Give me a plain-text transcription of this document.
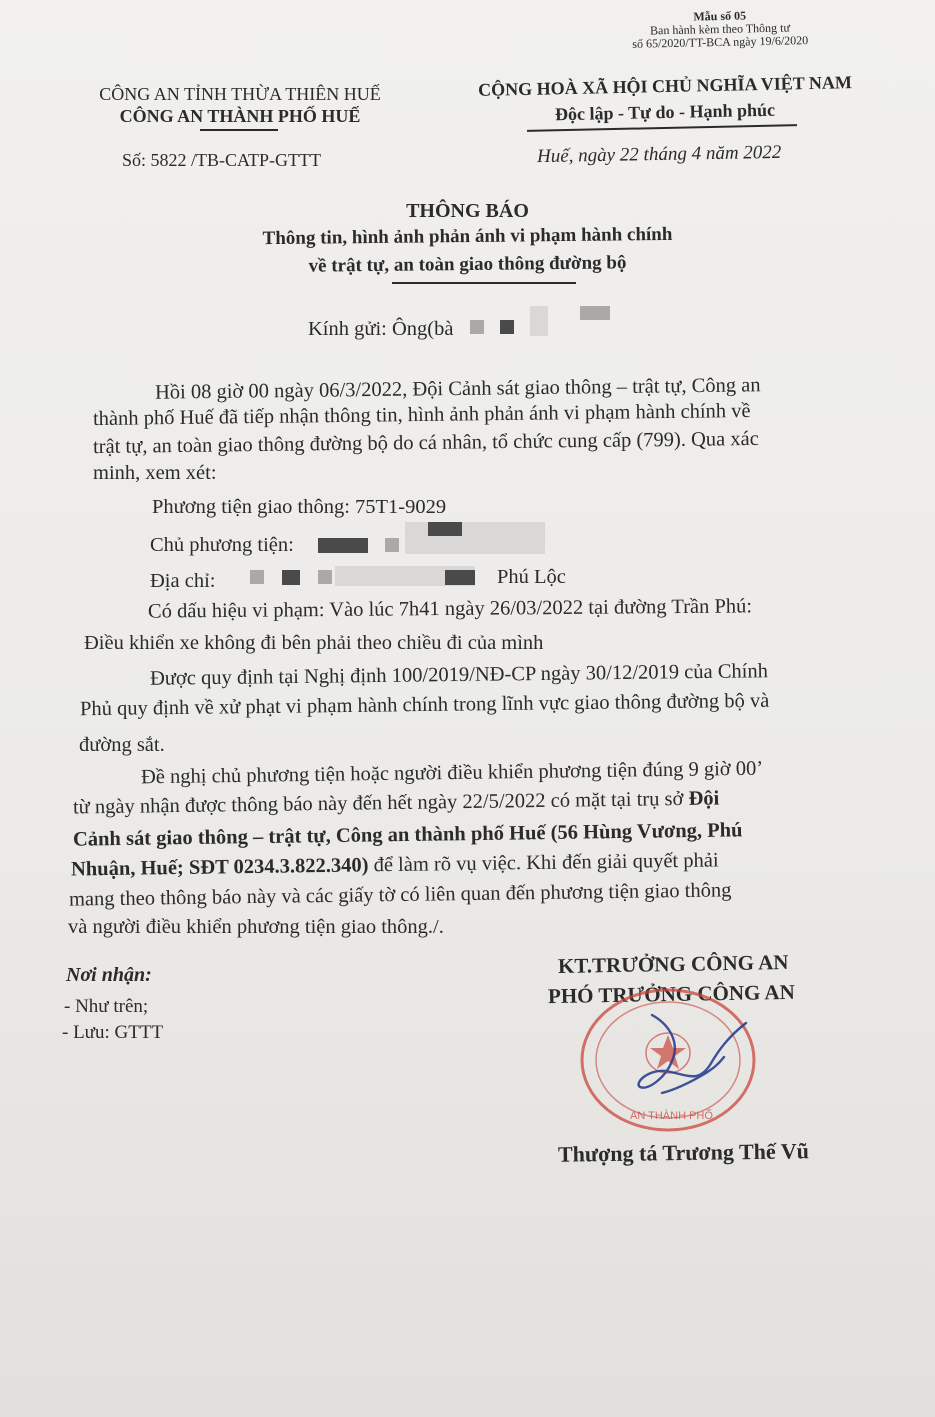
Mẫu số 05
Ban hành kèm theo Thông tư
số 65/2020/TT-BCA ngày 19/6/2020
CÔNG AN TỈNH THỪA THIÊN HUẾ
CÔNG AN THÀNH PHỐ HUẾ
CỘNG HOÀ XÃ HỘI CHỦ NGHĨA VIỆT NAM
Độc lập - Tự do - Hạnh phúc
Số: 5822 /TB-CATP-GTTT	Huế, ngày 22 tháng 4 năm 2022
THÔNG BÁO
Thông tin, hình ảnh phản ánh vi phạm hành chính
về trật tự, an toàn giao thông đường bộ
Kính gửi: Ông(bà
Hồi 08 giờ 00 ngày 06/3/2022, Đội Cảnh sát giao thông – trật tự, Công an
thành phố Huế đã tiếp nhận thông tin, hình ảnh phản ánh vi phạm hành chính về
trật tự, an toàn giao thông đường bộ do cá nhân, tổ chức cung cấp (799). Qua xác
minh, xem xét:
Phương tiện giao thông: 75T1-9029
Chủ phương tiện:
Địa chỉ:	Phú Lộc
Có dấu hiệu vi phạm: Vào lúc 7h41 ngày 26/03/2022 tại đường Trần Phú:
Điều khiển xe không đi bên phải theo chiều đi của mình
Được quy định tại Nghị định 100/2019/NĐ-CP ngày 30/12/2019 của Chính
Phủ quy định về xử phạt vi phạm hành chính trong lĩnh vực giao thông đường bộ và
đường sắt.
Đề nghị chủ phương tiện hoặc người điều khiển phương tiện đúng 9 giờ 00’
từ ngày nhận được thông báo này đến hết ngày 22/5/2022 có mặt tại trụ sở Đội
Cảnh sát giao thông – trật tự, Công an thành phố Huế (56 Hùng Vương, Phú
Nhuận, Huế; SĐT 0234.3.822.340) để làm rõ vụ việc. Khi đến giải quyết phải
mang theo thông báo này và các giấy tờ có liên quan đến phương tiện giao thông
và người điều khiển phương tiện giao thông./.
Nơi nhận:
- Như trên;
- Lưu: GTTT
KT.TRƯỞNG CÔNG AN
PHÓ TRƯỞNG CÔNG AN
AN THÀNH PHỐ
Thượng tá Trương Thế Vũ
